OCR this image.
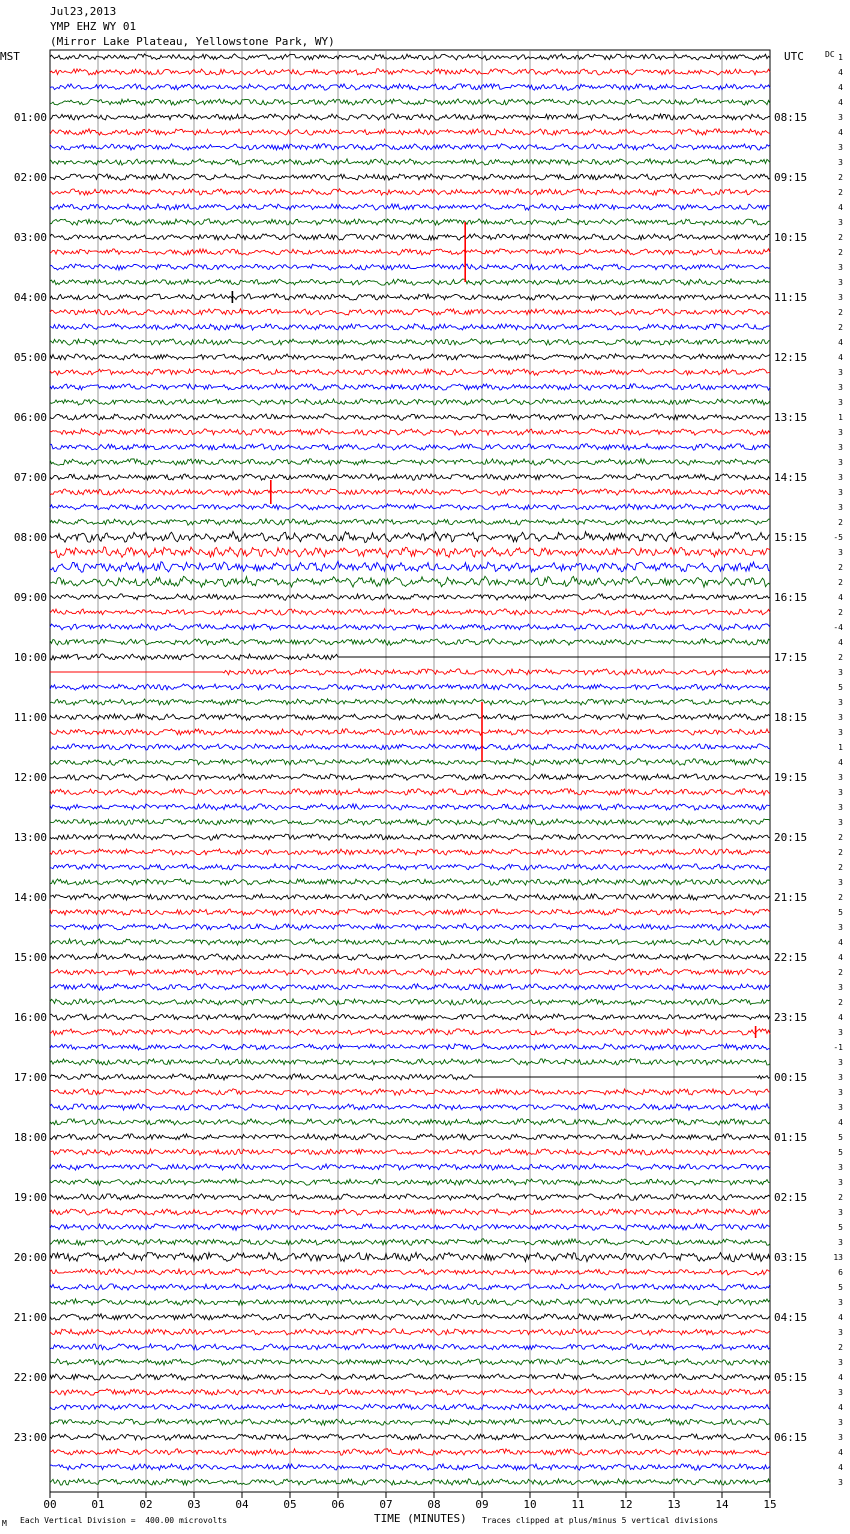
Jul23,2013
YMP EHZ WY 01
(Mirror Lake Plateau, Yellowstone Park, WY)
MST	UTC	DC
00	01	02	03	04	05	06	07	08	09	10	11	12	13	14	15
01:00
02:00
03:00
04:00
05:00
06:00
07:00
08:00
09:00
10:00
11:00
12:00
13:00
14:00
15:00
16:00
17:00
18:00
19:00
20:00
21:00
22:00
23:00
08:15
09:15
10:15
11:15
12:15
13:15
14:15
15:15
16:15
17:15
18:15
19:15
20:15
21:15
22:15
23:15
00:15
01:15
02:15
03:15
04:15
05:15
06:15
1
4
4
4
3
4
3
3
2
2
4
3
2
2
3
3
3
2
2
4
4
3
3
3
1
3
3
3
3
3
3
2
-5
3
2
2
4
2
-4
4
2
3
5
3
3
3
1
4
3
3
3
3
2
2
2
3
2
5
3
4
4
2
3
2
4
3
-1
3
3
3
3
4
5
5
3
3
2
3
5
3
13
6
5
3
4
3
2
3
4
3
4
3
3
4
4
3
M Each Vertical Division =  400.00 microvolts	TIME (MINUTES) Traces clipped at plus/minus 5 vertical divisions
